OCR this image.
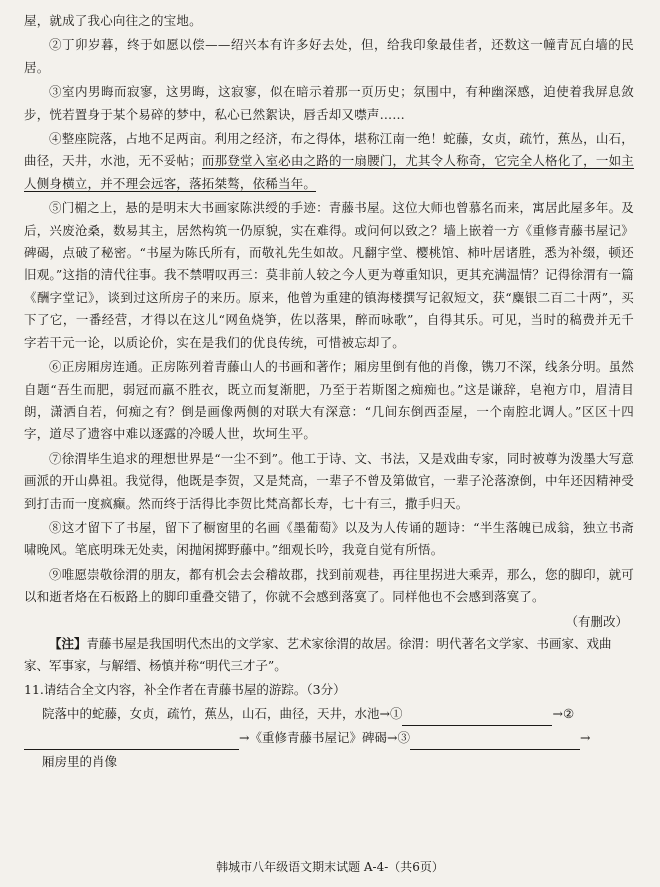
屋，就成了我心向往之的宝地。

②丁卯岁暮，终于如愿以偿——绍兴本有许多好去处，但，给我印象最佳者，还数这一幢青瓦白墙的民居。

③室内男晦而寂寥，这男晦，这寂寥，似在暗示着那一页历史；氛围中，有种幽深感，迫使着我屏息敛步，恍若置身于某个易碎的梦中，私心已然絮诀，唇舌却又噤声……

④整座院落，占地不足两亩。利用之经济，布之得体，堪称江南一绝！蛇藤，女贞，疏竹，蕉丛，山石，曲径，天井，水池，无不妥帖；而那登堂入室必由之路的一扇腰门，尤其令人称奇，它完全人格化了，一如主人侧身横立，并不理会远客，落拓桀骜，依稀当年。

⑤门楣之上，悬的是明末大书画家陈洪绶的手迹：青藤书屋。这位大师也曾慕名而来，寓居此屋多年。及后，兴废沧桑，数易其主，居然构筑一仍原貌，实在难得。或问何以致之？墙上嵌着一方《重修青藤书屋记》碑碣，点破了秘密。“书屋为陈氏所有，而敬礼先生如故。凡翻宇堂、樱桃馆、柿叶居诸胜，悉为补缀，顿还旧观。”这指的清代往事。我不禁喟叹再三：莫非前人较之今人更为尊重知识，更其充满温情？记得徐渭有一篇《酬字堂记》，谈到过这所房子的来历。原来，他曾为重建的镇海楼撰写记叙短文，获“麋银二百二十两”，买下了它，一番经营，才得以在这儿“网鱼烧笋，佐以落果，醉而咏歌”，自得其乐。可见，当时的稿费并无千字若干元一论，以质论价，实在是我们的优良传统，可惜被忘却了。

⑥正房厢房连通。正房陈列着青藤山人的书画和著作；厢房里倒有他的肖像，镌刀不深，线条分明。虽然自题“吾生而肥，弱冠而羸不胜衣，既立而复渐肥，乃至于若斯图之痴痴也。”这是谦辞，皂袍方巾，眉清目朗，潇洒自若，何痴之有？倒是画像两侧的对联大有深意：“几间东倒西歪屋，一个南腔北调人。”区区十四字，道尽了遗容中难以逐露的冷暖人世，坎坷生平。

⑦徐渭毕生追求的理想世界是“一尘不到”。他工于诗、文、书法，又是戏曲专家，同时被尊为泼墨大写意画派的开山鼻祖。我觉得，他既是李贺，又是梵高，一辈子不曾及第做官，一辈子沦落潦倒，中年还因精神受到打击而一度疯癫。然而终于活得比李贺比梵高都长寿，七十有三，撒手归天。

⑧这才留下了书屋，留下了橱窗里的名画《墨葡萄》以及为人传诵的题诗：“半生落魄已成翁，独立书斋啸晚风。笔底明珠无处卖，闲抛闲掷野藤中。”细观长吟，我竟自觉有所悟。

⑨唯愿崇敬徐渭的朋友，都有机会去会稽故郡，找到前观巷，再往里拐进大乘弄，那么，您的脚印，就可以和逝者烙在石板路上的脚印重叠交错了，你就不会感到落寞了。同样他也不会感到落寞了。

（有删改）

【注】青藤书屋是我国明代杰出的文学家、艺术家徐渭的故居。徐渭：明代著名文学家、书画家、戏曲家、军事家，与解缙、杨慎并称“明代三才子”。

11.请结合全文内容，补全作者在青藤书屋的游踪。（3分）

院落中的蛇藤，女贞，疏竹，蕉丛，山石，曲径，天井，水池→①	→②
→《重修青藤书屋记》碑碣→③	→
厢房里的肖像
韩城市八年级语文期末试题 A-4-（共6页）
